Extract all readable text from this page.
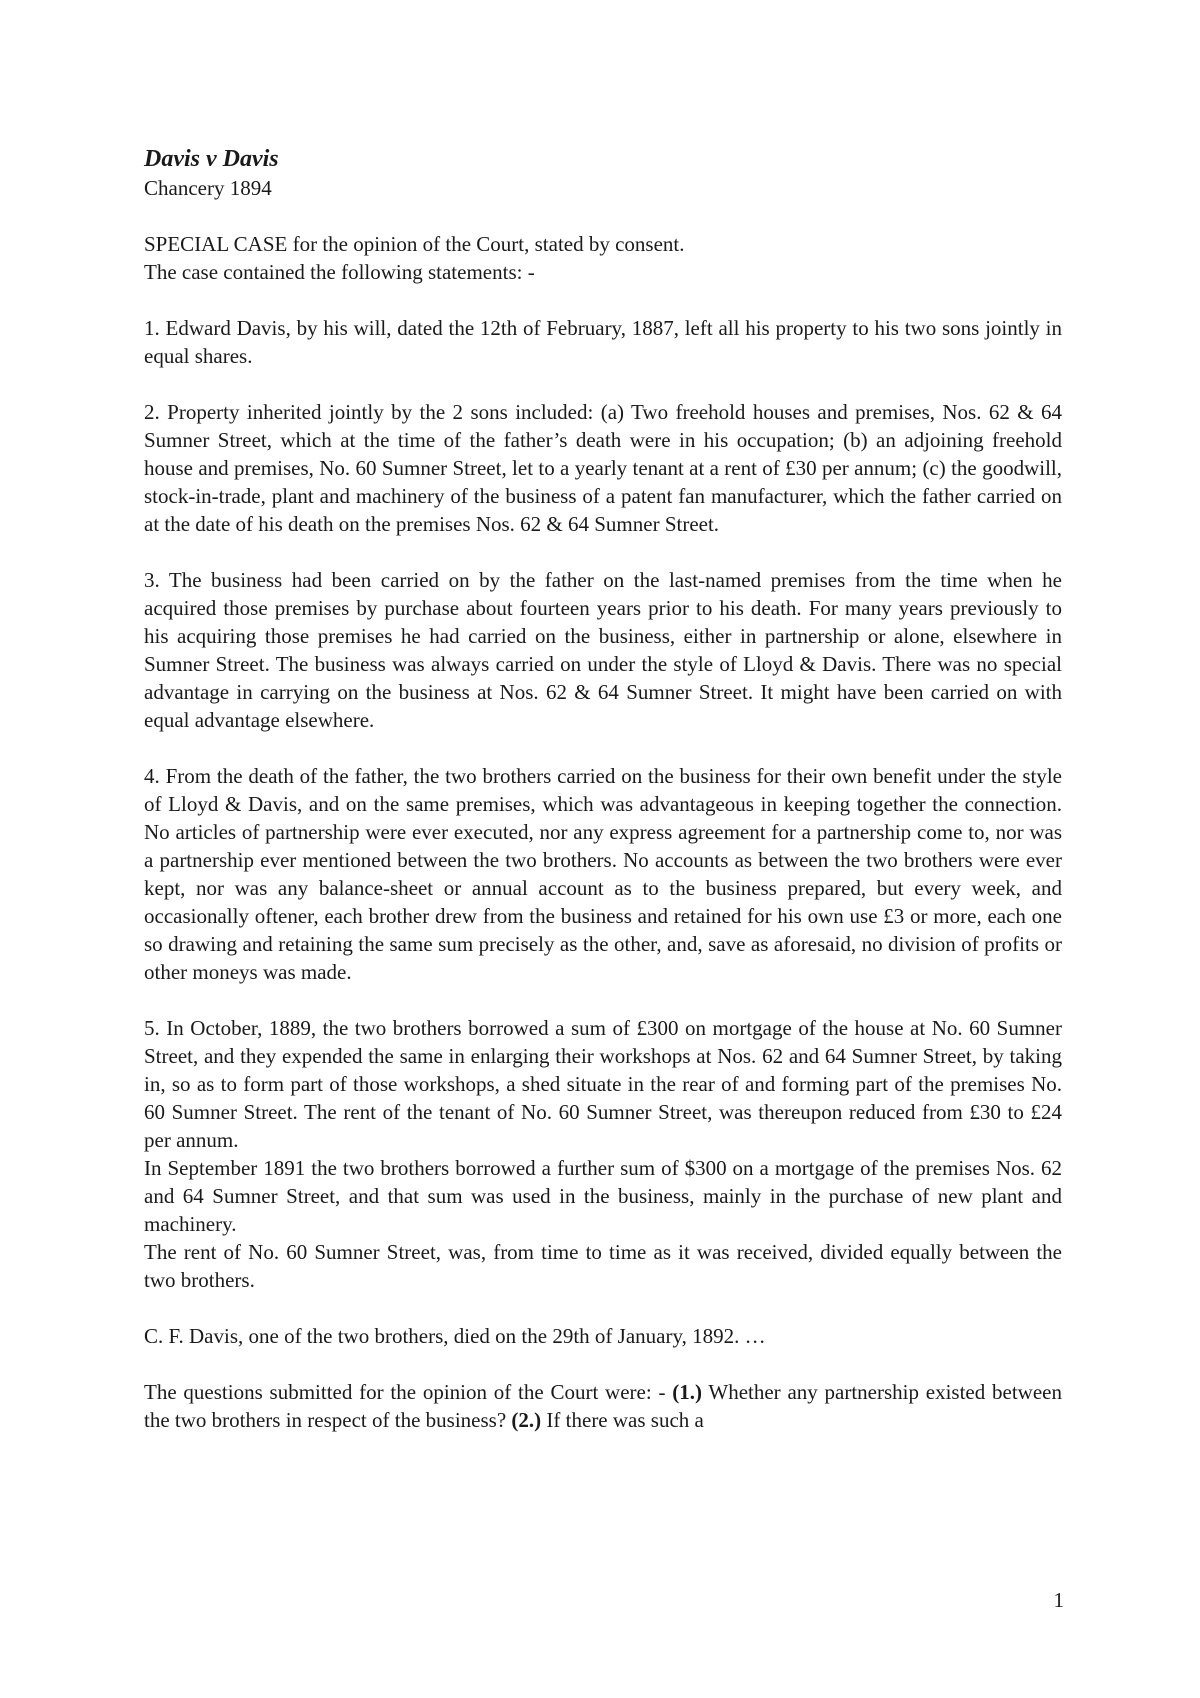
Davis v Davis

Chancery 1894

SPECIAL CASE for the opinion of the Court, stated by consent.

The case contained the following statements: -

1. Edward Davis, by his will, dated the 12th of February, 1887, left all his property to his two sons jointly in equal shares.

2. Property inherited jointly by the 2 sons included: (a) Two freehold houses and premises, Nos. 62 & 64 Sumner Street, which at the time of the father’s death were in his occupation; (b) an adjoining freehold house and premises, No. 60 Sumner Street, let to a yearly tenant at a rent of £30 per annum; (c) the goodwill, stock-in-trade, plant and machinery of the business of a patent fan manufacturer, which the father carried on at the date of his death on the premises Nos. 62 & 64 Sumner Street.

3. The business had been carried on by the father on the last-named premises from the time when he acquired those premises by purchase about fourteen years prior to his death. For many years previously to his acquiring those premises he had carried on the business, either in partnership or alone, elsewhere in Sumner Street. The business was always carried on under the style of Lloyd & Davis. There was no special advantage in carrying on the business at Nos. 62 & 64 Sumner Street. It might have been carried on with equal advantage elsewhere.

4. From the death of the father, the two brothers carried on the business for their own benefit under the style of Lloyd & Davis, and on the same premises, which was advantageous in keeping together the connection. No articles of partnership were ever executed, nor any express agreement for a partnership come to, nor was a partnership ever mentioned between the two brothers. No accounts as between the two brothers were ever kept, nor was any balance-sheet or annual account as to the business prepared, but every week, and occasionally oftener, each brother drew from the business and retained for his own use £3 or more, each one so drawing and retaining the same sum precisely as the other, and, save as aforesaid, no division of profits or other moneys was made.

5. In October, 1889, the two brothers borrowed a sum of £300 on mortgage of the house at No. 60 Sumner Street, and they expended the same in enlarging their workshops at Nos. 62 and 64 Sumner Street, by taking in, so as to form part of those workshops, a shed situate in the rear of and forming part of the premises No. 60 Sumner Street. The rent of the tenant of No. 60 Sumner Street, was thereupon reduced from £30 to £24 per annum.

In September 1891 the two brothers borrowed a further sum of $300 on a mortgage of the premises Nos. 62 and 64 Sumner Street, and that sum was used in the business, mainly in the purchase of new plant and machinery.

The rent of No. 60 Sumner Street, was, from time to time as it was received, divided equally between the two brothers.

C. F. Davis, one of the two brothers, died on the 29th of January, 1892. …

The questions submitted for the opinion of the Court were: - (1.) Whether any partnership existed between the two brothers in respect of the business? (2.) If there was such a

1
